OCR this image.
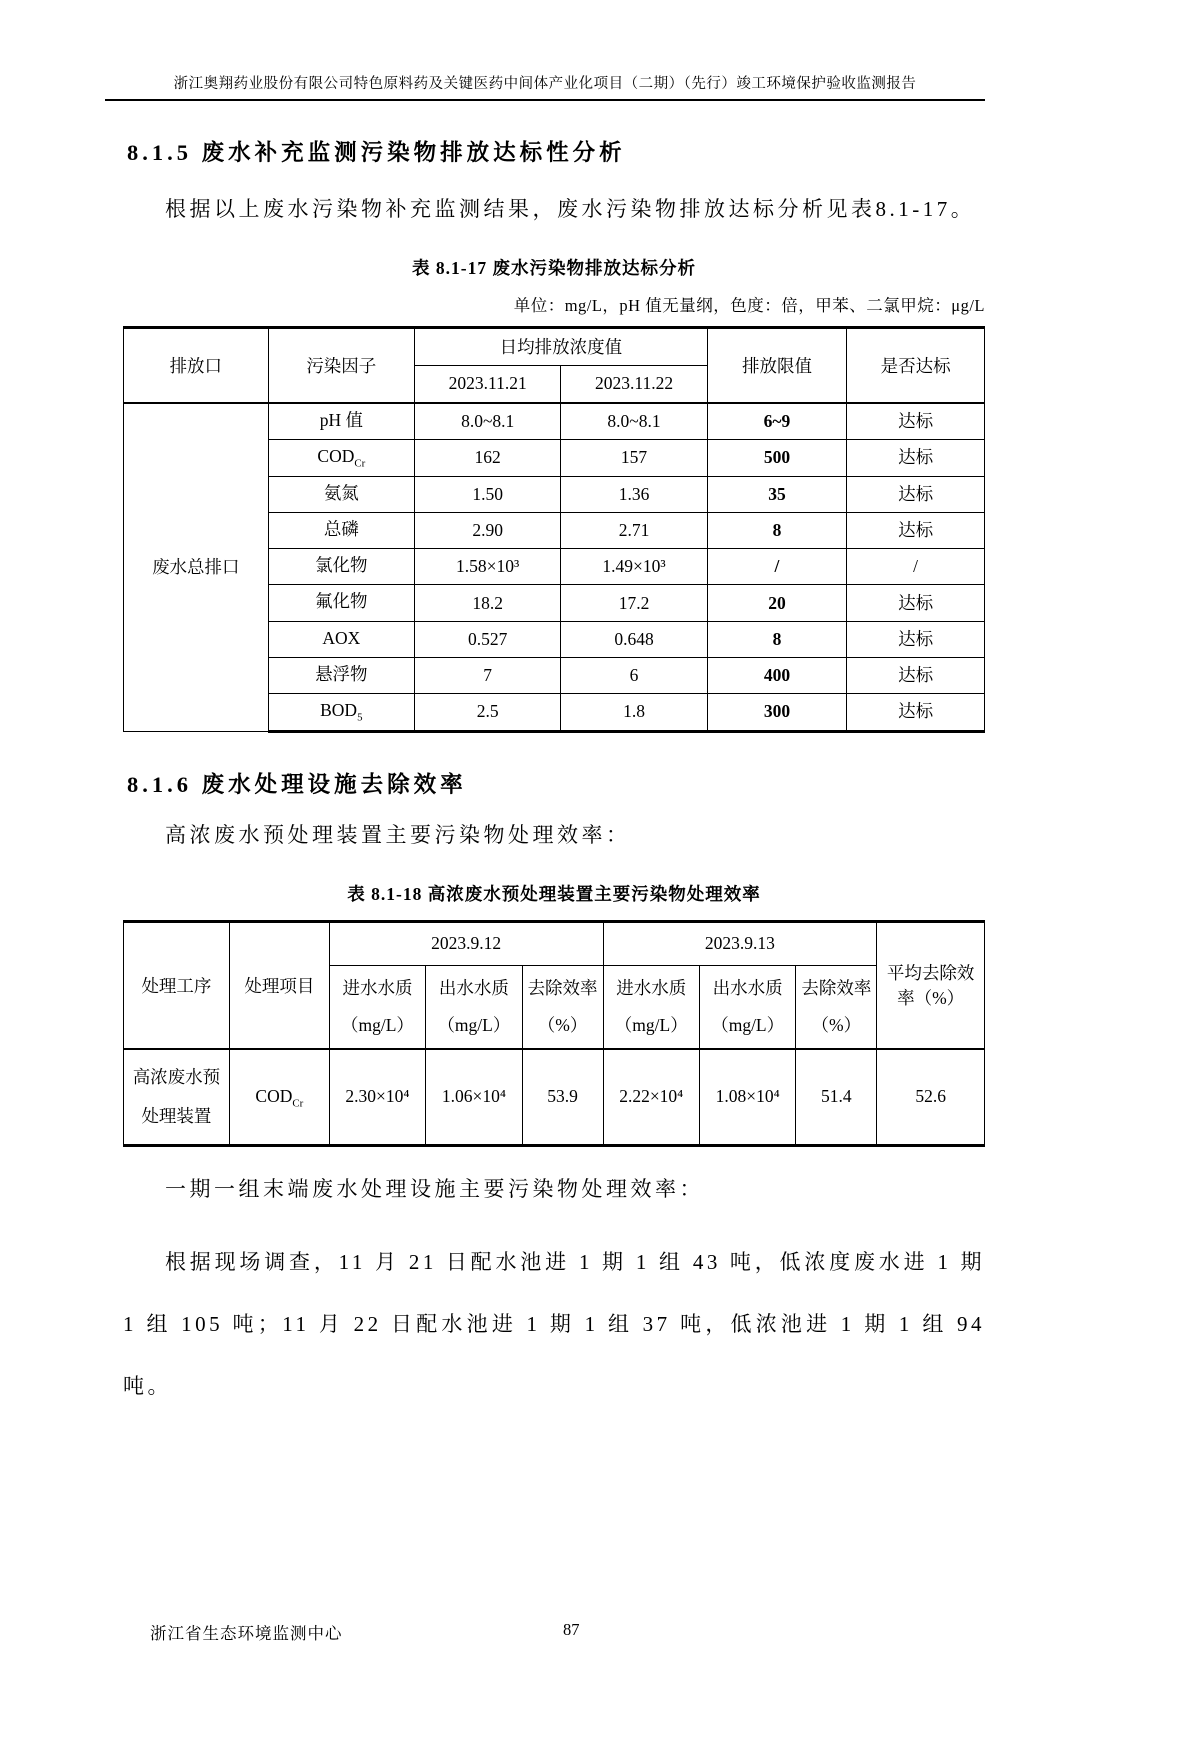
浙江奥翔药业股份有限公司特色原料药及关键医药中间体产业化项目（二期）（先行）竣工环境保护验收监测报告
8.1.5 废水补充监测污染物排放达标性分析

根据以上废水污染物补充监测结果，废水污染物排放达标分析见表8.1-17。

表 8.1-17 废水污染物排放达标分析
单位：mg/L，pH 值无量纲，色度：倍，甲苯、二氯甲烷：μg/L
排放口	污染因子	日均排放浓度值		排放限值	是否达标
		2023.11.21	2023.11.22		
废水总排口	pH 值	8.0~8.1	8.0~8.1	6~9	达标
	$COD_{Cr}$	162	157	500	达标
	氨氮	1.50	1.36	35	达标
	总磷	2.90	2.71	8	达标
	氯化物	1.58×10³	1.49×10³	/	/
	氟化物	18.2	17.2	20	达标
	AOX	0.527	0.648	8	达标
	悬浮物	7	6	400	达标
	$BOD_5$	2.5	1.8	300	达标
8.1.6 废水处理设施去除效率

高浓废水预处理装置主要污染物处理效率：

表 8.1-18 高浓废水预处理装置主要污染物处理效率
处理工序	处理项目	2023.9.12			2023.9.13			平均去除效率（%）
		进水水质（mg/L）	出水水质（mg/L）	去除效率（%）	进水水质（mg/L）	出水水质（mg/L）	去除效率（%）	
高浓废水预处理装置	$COD_{Cr}$	2.30×10⁴	1.06×10⁴	53.9	2.22×10⁴	1.08×10⁴	51.4	52.6

一期一组末端废水处理设施主要污染物处理效率：

根据现场调查，11 月 21 日配水池进 1 期 1 组 43 吨，低浓度废水进 1 期 1 组 105 吨；11 月 22 日配水池进 1 期 1 组 37 吨，低浓池进 1 期 1 组 94 吨。

浙江省生态环境监测中心	87
